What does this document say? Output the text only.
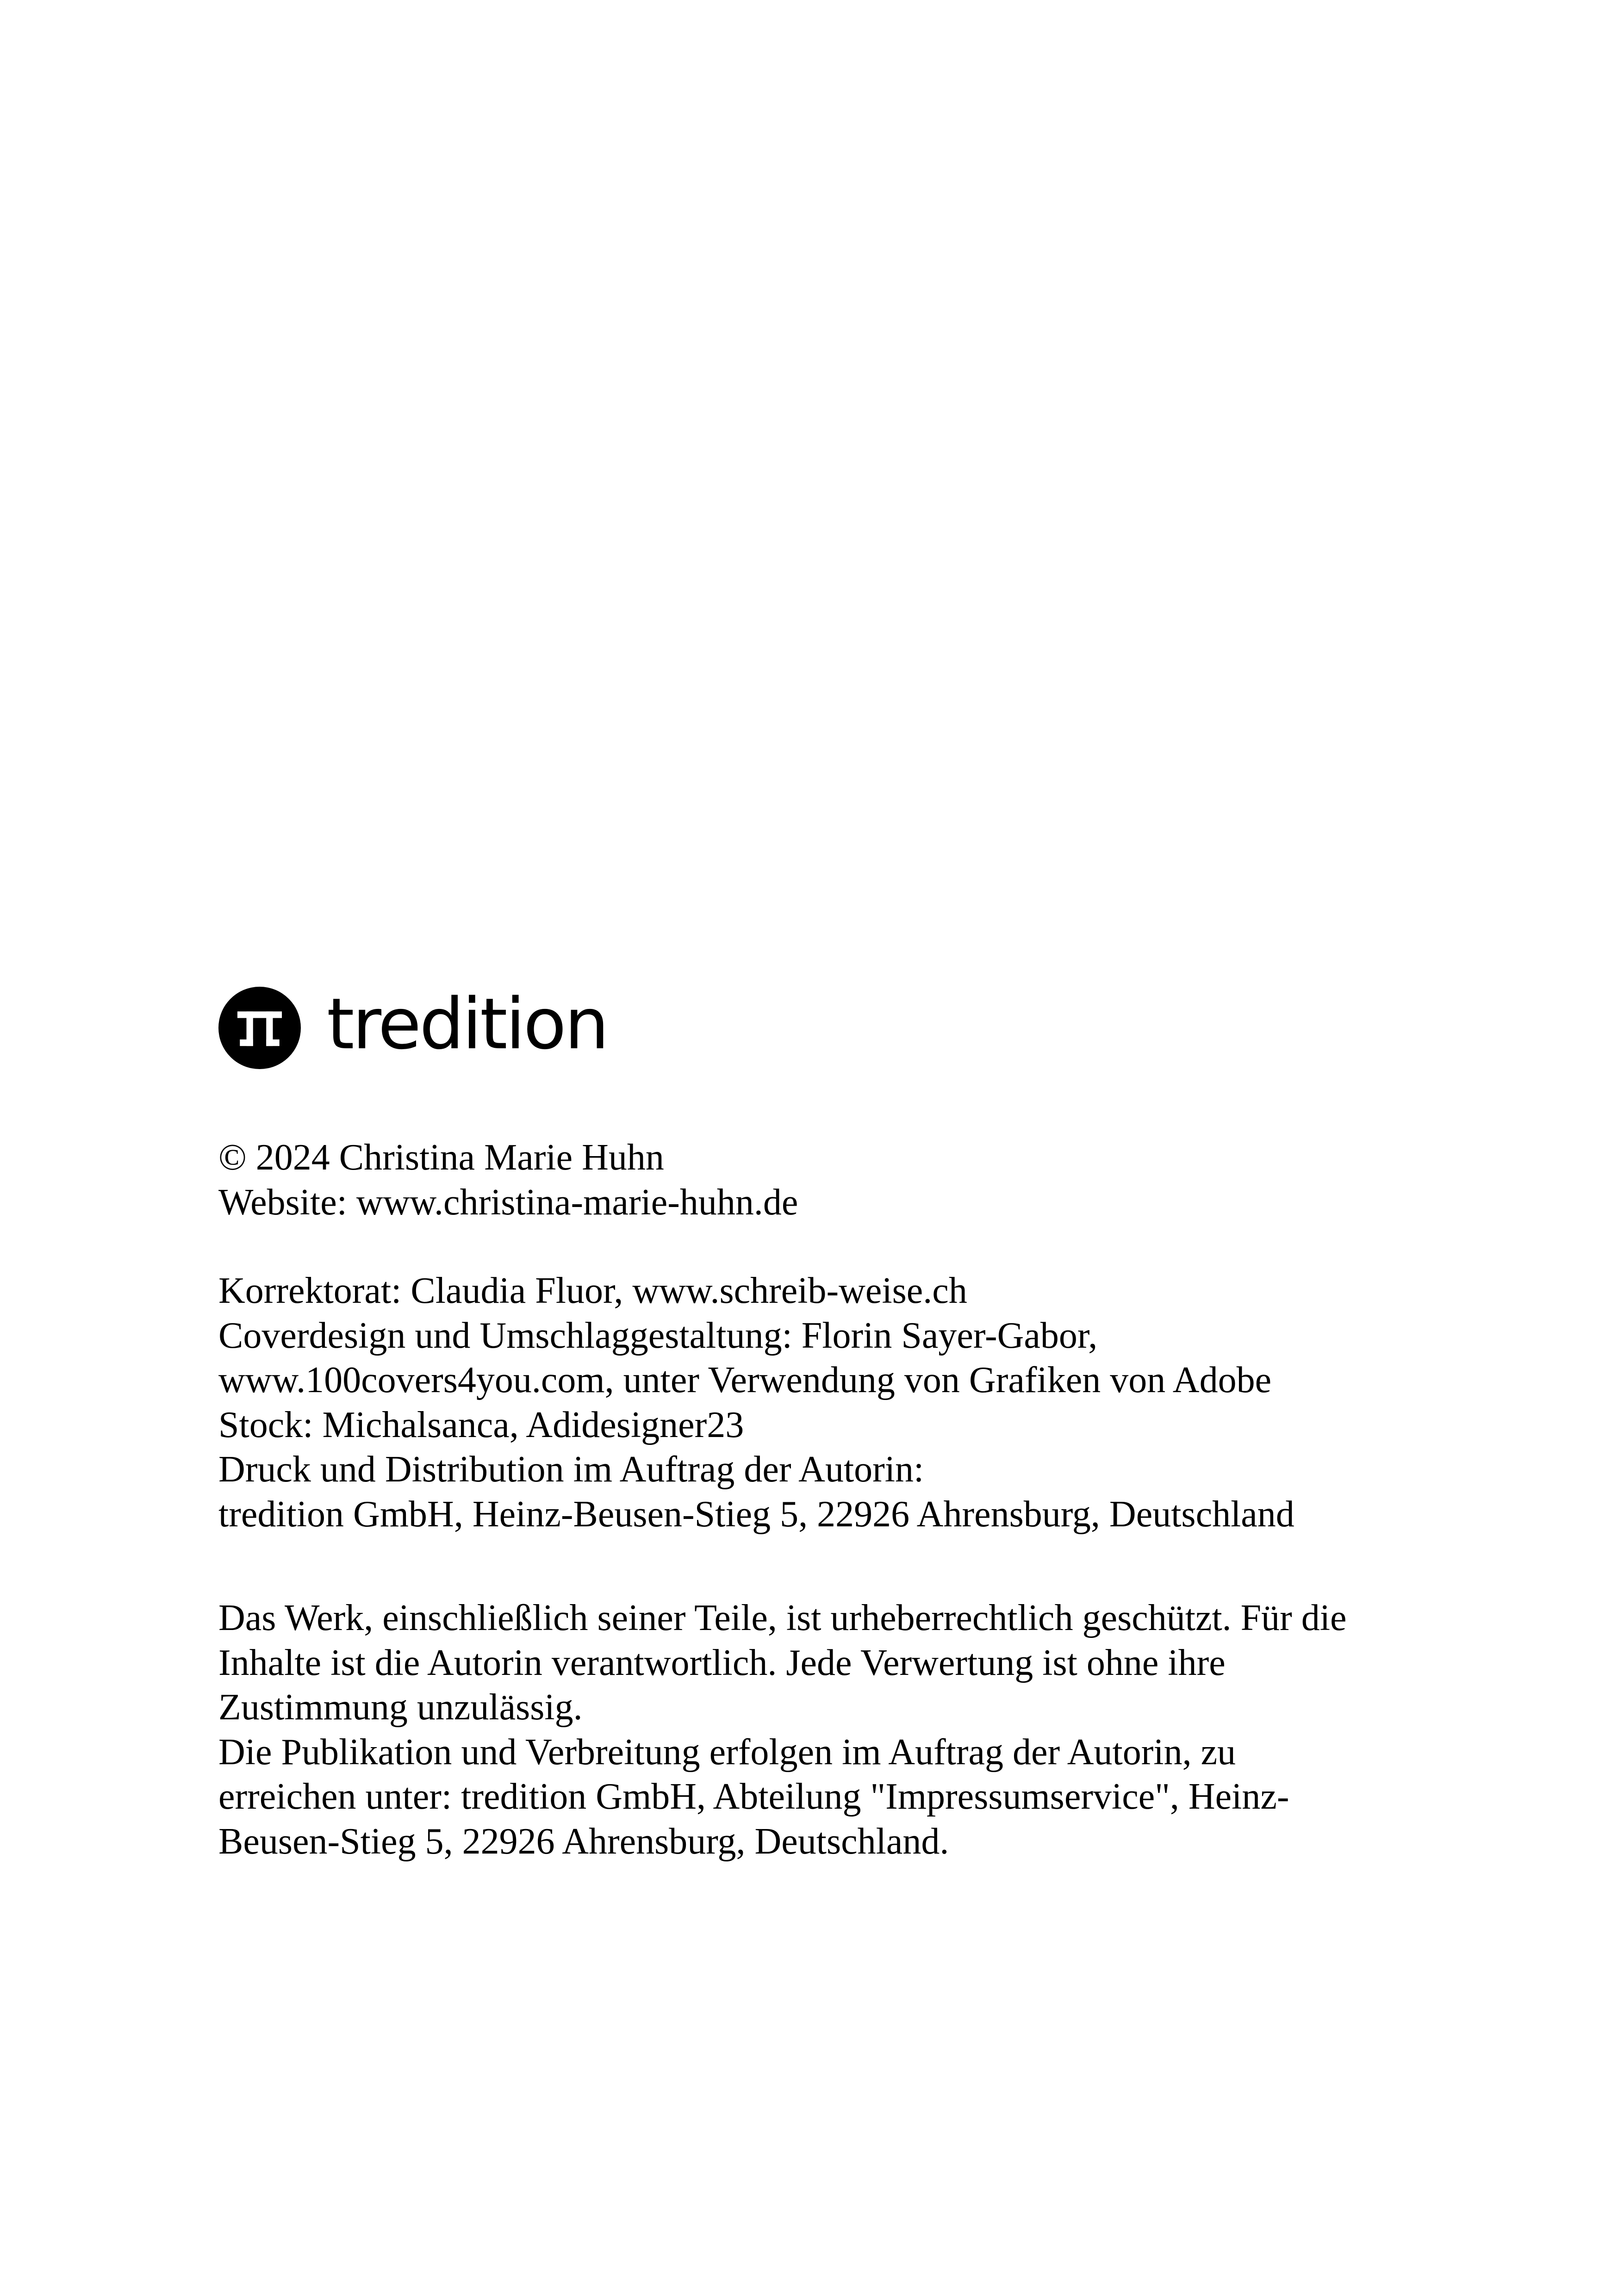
tredition
© 2024 Christina Marie Huhn
Website: www.christina-marie-huhn.de
Korrektorat: Claudia Fluor, www.schreib-weise.ch
Coverdesign und Umschlaggestaltung: Florin Sayer-Gabor,
www.100covers4you.com, unter Verwendung von Grafiken von Adobe
Stock: Michalsanca, Adidesigner23
Druck und Distribution im Auftrag der Autorin:
tredition GmbH, Heinz-Beusen-Stieg 5, 22926 Ahrensburg, Deutschland
Das Werk, einschließlich seiner Teile, ist urheberrechtlich geschützt. Für die
Inhalte ist die Autorin verantwortlich. Jede Verwertung ist ohne ihre
Zustimmung unzulässig.
Die Publikation und Verbreitung erfolgen im Auftrag der Autorin, zu
erreichen unter: tredition GmbH, Abteilung "Impressumservice", Heinz-
Beusen-Stieg 5, 22926 Ahrensburg, Deutschland.
